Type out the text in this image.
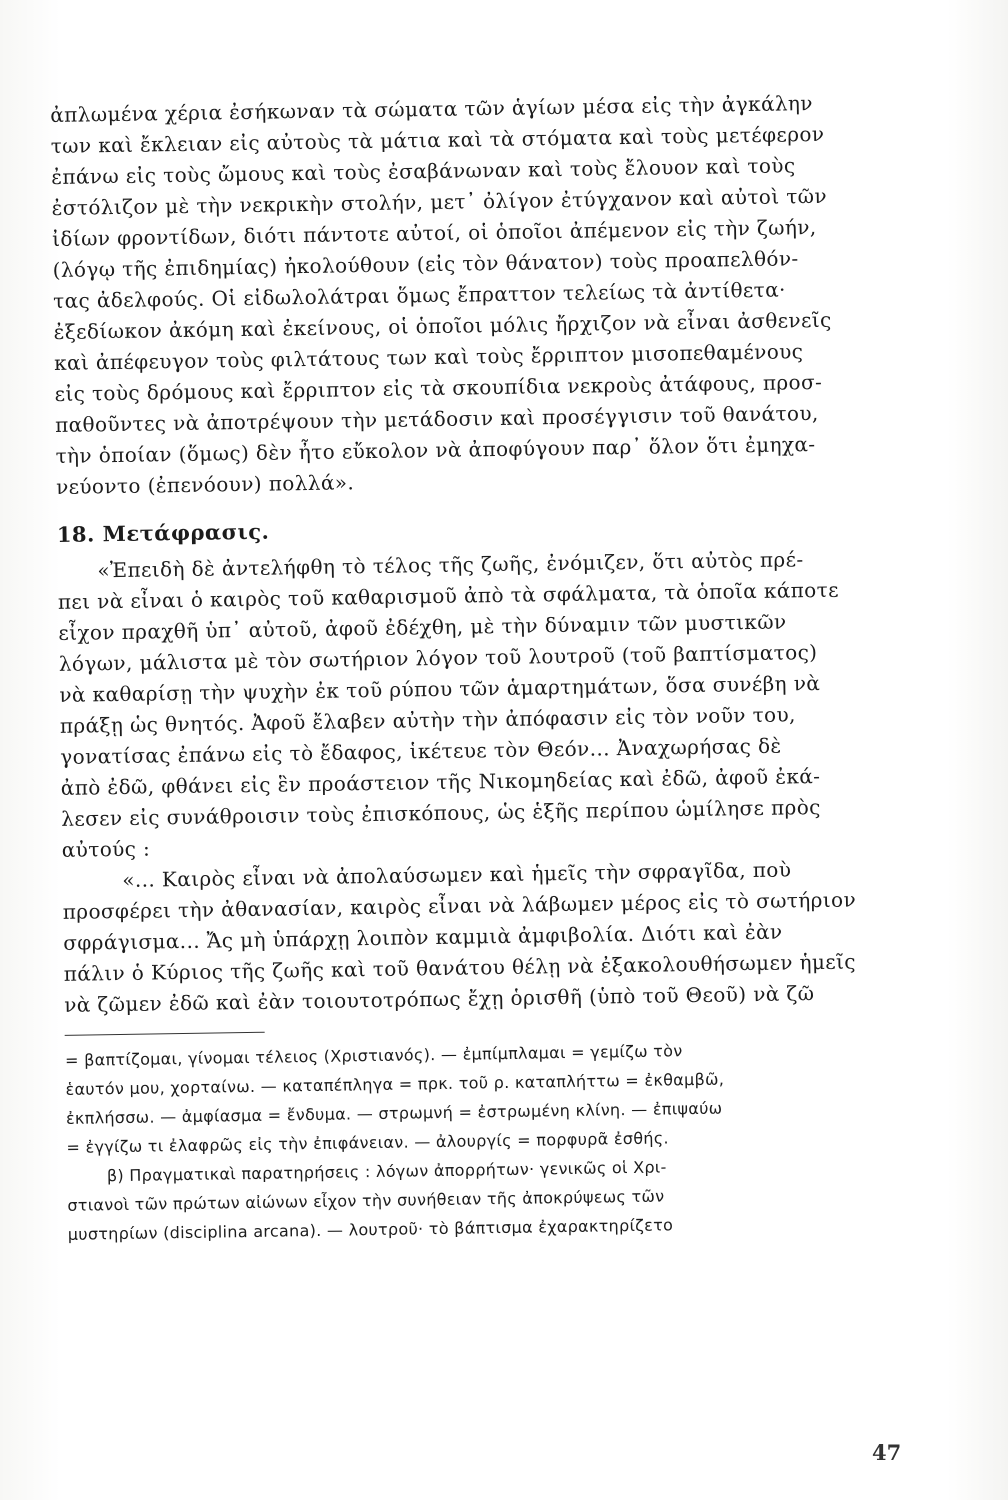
ἀπλωμένα χέρια ἐσήκωναν τὰ σώματα τῶν ἁγίων μέσα εἰς τὴν ἀγκάλην
των καὶ ἔκλειαν εἰς αὐτοὺς τὰ μάτια καὶ τὰ στόματα καὶ τοὺς μετέφερον
ἐπάνω εἰς τοὺς ὤμους καὶ τοὺς ἐσαβάνωναν καὶ τοὺς ἔλουον καὶ τοὺς
ἐστόλιζον μὲ τὴν νεκρικὴν στολήν, μετ᾽ ὀλίγον ἐτύγχανον καὶ αὐτοὶ τῶν
ἰδίων φροντίδων, διότι πάντοτε αὐτοί, οἱ ὁποῖοι ἀπέμενον εἰς τὴν ζωήν,
(λόγῳ τῆς ἐπιδημίας) ἠκολούθουν (εἰς τὸν θάνατον) τοὺς προαπελθόν-
τας ἀδελφούς. Οἱ εἰδωλολάτραι ὅμως ἔπραττον τελείως τὰ ἀντίθετα·
ἐξεδίωκον ἀκόμη καὶ ἐκείνους, οἱ ὁποῖοι μόλις ἤρχιζον νὰ εἶναι ἀσθενεῖς
καὶ ἀπέφευγον τοὺς φιλτάτους των καὶ τοὺς ἔρριπτον μισοπεθαμένους
εἰς τοὺς δρόμους καὶ ἔρριπτον εἰς τὰ σκουπίδια νεκροὺς ἀτάφους, προσ-
παθοῦντες νὰ ἀποτρέψουν τὴν μετάδοσιν καὶ προσέγγισιν τοῦ θανάτου,
τὴν ὁποίαν (ὅμως) δὲν ἦτο εὔκολον νὰ ἀποφύγουν παρ᾽ ὅλον ὅτι ἐμηχα-
νεύοντο (ἐπενόουν) πολλά».
18. Μετάφρασις.
«Ἐπειδὴ δὲ ἀντελήφθη τὸ τέλος τῆς ζωῆς, ἐνόμιζεν, ὅτι αὐτὸς πρέ-
πει νὰ εἶναι ὁ καιρὸς τοῦ καθαρισμοῦ ἀπὸ τὰ σφάλματα, τὰ ὁποῖα κάποτε
εἶχον πραχθῆ ὑπ᾽ αὐτοῦ, ἀφοῦ ἐδέχθη, μὲ τὴν δύναμιν τῶν μυστικῶν
λόγων, μάλιστα μὲ τὸν σωτήριον λόγον τοῦ λουτροῦ (τοῦ βαπτίσματος)
νὰ καθαρίσῃ τὴν ψυχὴν ἐκ τοῦ ρύπου τῶν ἁμαρτημάτων, ὅσα συνέβη νὰ
πράξῃ ὡς θνητός. Ἀφοῦ ἔλαβεν αὐτὴν τὴν ἀπόφασιν εἰς τὸν νοῦν του,
γονατίσας ἐπάνω εἰς τὸ ἔδαφος, ἱκέτευε τὸν Θεόν... Ἀναχωρήσας δὲ
ἀπὸ ἐδῶ, φθάνει εἰς ἓν προάστειον τῆς Νικομηδείας καὶ ἐδῶ, ἀφοῦ ἐκά-
λεσεν εἰς συνάθροισιν τοὺς ἐπισκόπους, ὡς ἑξῆς περίπου ὡμίλησε πρὸς
αὐτούς :
«... Καιρὸς εἶναι νὰ ἀπολαύσωμεν καὶ ἡμεῖς τὴν σφραγῖδα, ποὺ
προσφέρει τὴν ἀθανασίαν, καιρὸς εἶναι νὰ λάβωμεν μέρος εἰς τὸ σωτήριον
σφράγισμα... Ἄς μὴ ὑπάρχῃ λοιπὸν καμμιὰ ἀμφιβολία. Διότι καὶ ἐὰν
πάλιν ὁ Κύριος τῆς ζωῆς καὶ τοῦ θανάτου θέλῃ νὰ ἐξακολουθήσωμεν ἡμεῖς
νὰ ζῶμεν ἐδῶ καὶ ἐὰν τοιουτοτρόπως ἔχῃ ὁρισθῆ (ὑπὸ τοῦ Θεοῦ) νὰ ζῶ
= βαπτίζομαι, γίνομαι τέλειος (Χριστιανός). — ἐμπίμπλαμαι = γεμίζω τὸν
ἑαυτόν μου, χορταίνω. — καταπέπληγα = πρκ. τοῦ ρ. καταπλήττω = ἐκθαμβῶ,
ἐκπλήσσω. — ἀμφίασμα = ἔνδυμα. — στρωμνή = ἐστρωμένη κλίνη. — ἐπιψαύω
= ἐγγίζω τι ἐλαφρῶς εἰς τὴν ἐπιφάνειαν. — ἀλουργίς = πορφυρᾶ ἐσθής.
β) Πραγματικαὶ παρατηρήσεις : λόγων ἀπορρήτων· γενικῶς οἱ Χρι-
στιανοὶ τῶν πρώτων αἰώνων εἶχον τὴν συνήθειαν τῆς ἀποκρύψεως τῶν
μυστηρίων (disciplina arcana). — λουτροῦ· τὸ βάπτισμα ἐχαρακτηρίζετο
47
